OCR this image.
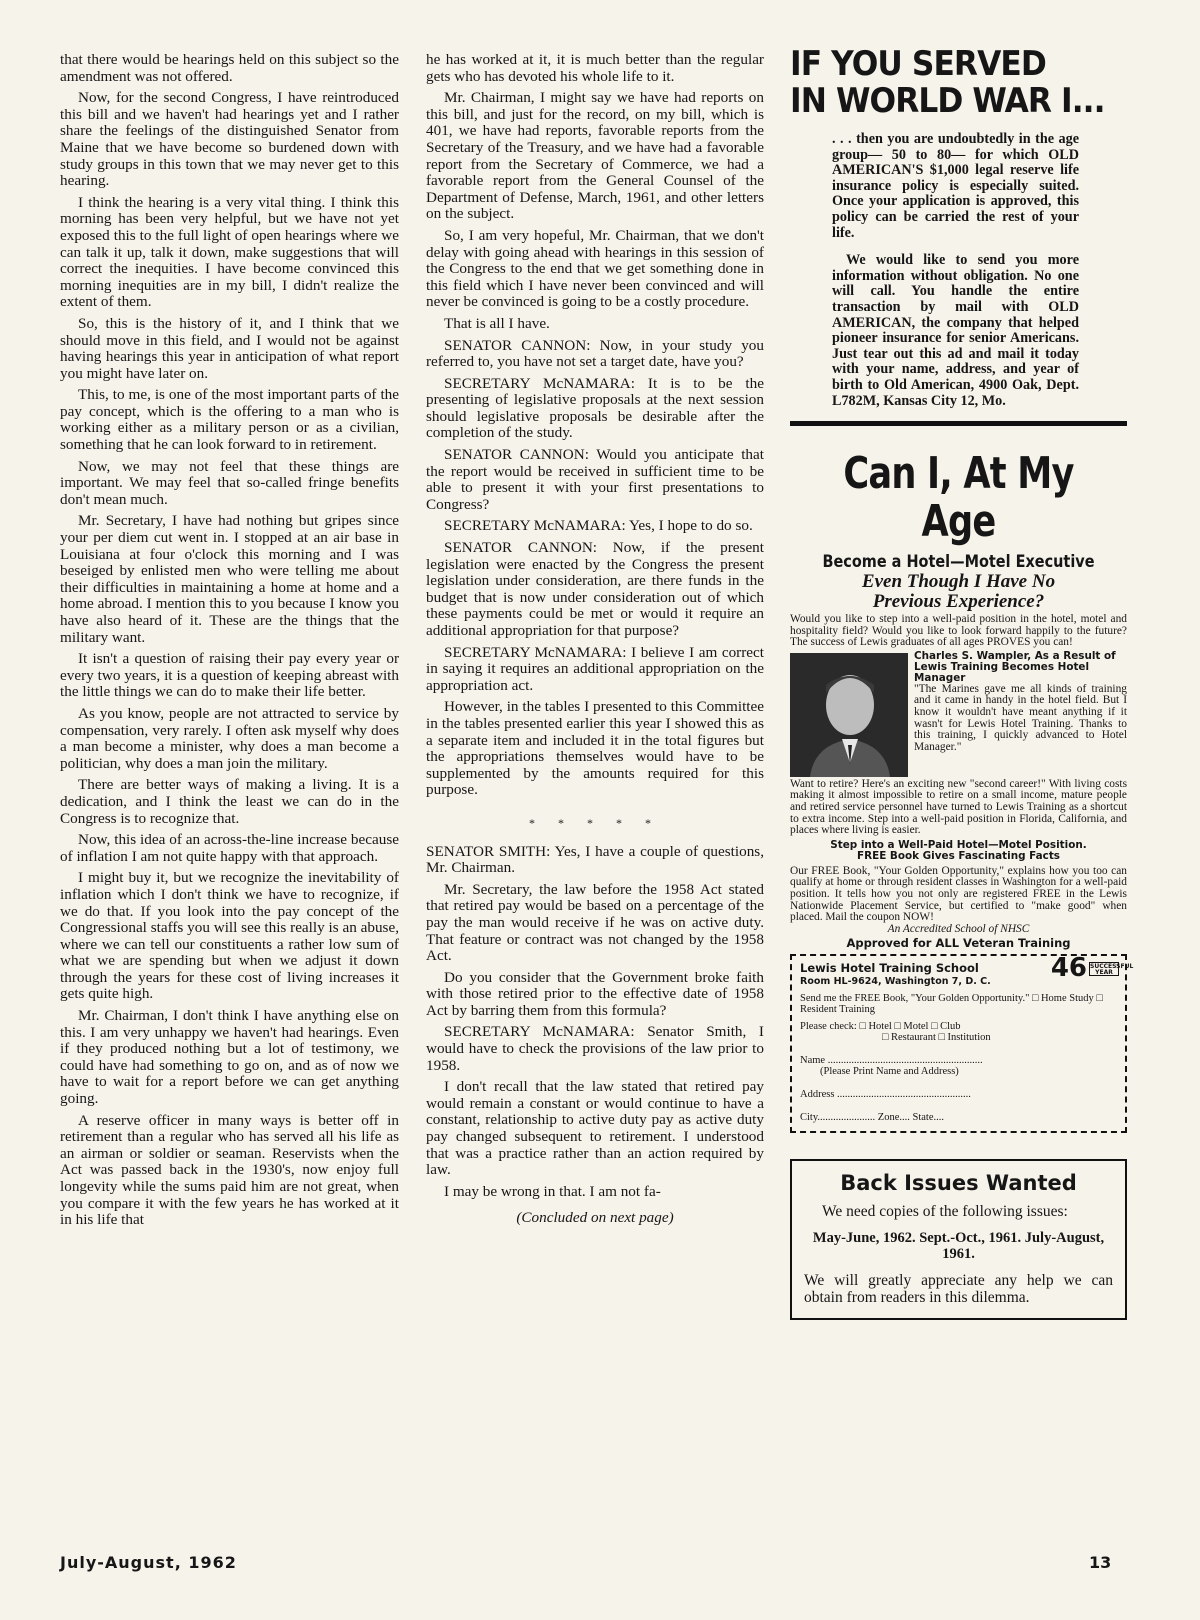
that there would be hearings held on this subject so the amendment was not offered.

Now, for the second Congress, I have reintroduced this bill and we haven't had hearings yet and I rather share the feelings of the distinguished Senator from Maine that we have become so burdened down with study groups in this town that we may never get to this hearing.

I think the hearing is a very vital thing. I think this morning has been very helpful, but we have not yet exposed this to the full light of open hearings where we can talk it up, talk it down, make suggestions that will correct the inequities. I have become convinced this morning inequities are in my bill, I didn't realize the extent of them.

So, this is the history of it, and I think that we should move in this field, and I would not be against having hearings this year in anticipation of what report you might have later on.

This, to me, is one of the most important parts of the pay concept, which is the offering to a man who is working either as a military person or as a civilian, something that he can look forward to in retirement.

Now, we may not feel that these things are important. We may feel that so-called fringe benefits don't mean much.

Mr. Secretary, I have had nothing but gripes since your per diem cut went in. I stopped at an air base in Louisiana at four o'clock this morning and I was beseiged by enlisted men who were telling me about their difficulties in maintaining a home at home and a home abroad. I mention this to you because I know you have also heard of it. These are the things that the military want.

It isn't a question of raising their pay every year or every two years, it is a question of keeping abreast with the little things we can do to make their life better.

As you know, people are not attracted to service by compensation, very rarely. I often ask myself why does a man become a minister, why does a man become a politician, why does a man join the military.

There are better ways of making a living. It is a dedication, and I think the least we can do in the Congress is to recognize that.

Now, this idea of an across-the-line increase because of inflation I am not quite happy with that approach.

I might buy it, but we recognize the inevitability of inflation which I don't think we have to recognize, if we do that. If you look into the pay concept of the Congressional staffs you will see this really is an abuse, where we can tell our constituents a rather low sum of what we are spending but when we adjust it down through the years for these cost of living increases it gets quite high.

Mr. Chairman, I don't think I have anything else on this. I am very unhappy we haven't had hearings. Even if they produced nothing but a lot of testimony, we could have had something to go on, and as of now we have to wait for a report before we can get anything going.

A reserve officer in many ways is better off in retirement than a regular who has served all his life as an airman or soldier or seaman. Reservists when the Act was passed back in the 1930's, now enjoy full longevity while the sums paid him are not great, when you compare it with the few years he has worked at it in his life that

he has worked at it, it is much better than the regular gets who has devoted his whole life to it.

Mr. Chairman, I might say we have had reports on this bill, and just for the record, on my bill, which is 401, we have had reports, favorable reports from the Secretary of the Treasury, and we have had a favorable report from the Secretary of Commerce, we had a favorable report from the General Counsel of the Department of Defense, March, 1961, and other letters on the subject.

So, I am very hopeful, Mr. Chairman, that we don't delay with going ahead with hearings in this session of the Congress to the end that we get something done in this field which I have never been convinced and will never be convinced is going to be a costly procedure.

That is all I have.

SENATOR CANNON: Now, in your study you referred to, you have not set a target date, have you?

SECRETARY McNAMARA: It is to be the presenting of legislative proposals at the next session should legislative proposals be desirable after the completion of the study.

SENATOR CANNON: Would you anticipate that the report would be received in sufficient time to be able to present it with your first presentations to Congress?

SECRETARY McNAMARA: Yes, I hope to do so.

SENATOR CANNON: Now, if the present legislation were enacted by the Congress the present legislation under consideration, are there funds in the budget that is now under consideration out of which these payments could be met or would it require an additional appropriation for that purpose?

SECRETARY McNAMARA: I believe I am correct in saying it requires an additional appropriation on the appropriation act.

However, in the tables I presented to this Committee in the tables presented earlier this year I showed this as a separate item and included it in the total figures but the appropriations themselves would have to be supplemented by the amounts required for this purpose.

* * * * *

SENATOR SMITH: Yes, I have a couple of questions, Mr. Chairman.

Mr. Secretary, the law before the 1958 Act stated that retired pay would be based on a percentage of the pay the man would receive if he was on active duty. That feature or contract was not changed by the 1958 Act.

Do you consider that the Government broke faith with those retired prior to the effective date of 1958 Act by barring them from this formula?

SECRETARY McNAMARA: Senator Smith, I would have to check the provisions of the law prior to 1958.

I don't recall that the law stated that retired pay would remain a constant or would continue to have a constant, relationship to active duty pay as active duty pay changed subsequent to retirement. I understood that was a practice rather than an action required by law.

I may be wrong in that. I am not fa-

(Concluded on next page)
IF YOU SERVED
IN WORLD WAR I...

. . . then you are undoubtedly in the age group— 50 to 80— for which OLD AMERICAN'S $1,000 legal reserve life insurance policy is especially suited. Once your application is approved, this policy can be carried the rest of your life.

We would like to send you more information without obligation. No one will call. You handle the entire transaction by mail with OLD AMERICAN, the company that helped pioneer insurance for senior Americans. Just tear out this ad and mail it today with your name, address, and year of birth to Old American, 4900 Oak, Dept. L782M, Kansas City 12, Mo.

Can I, At My Age
Become a Hotel—Motel Executive
Even Though I Have No
Previous Experience?
Would you like to step into a well-paid position in the hotel, motel and hospitality field? Would you like to look forward happily to the future? The success of Lewis graduates of all ages PROVES you can!
Charles S. Wampler, As a Result of Lewis Training Becomes Hotel Manager
"The Marines gave me all kinds of training and it came in handy in the hotel field. But I know it wouldn't have meant anything if it wasn't for Lewis Hotel Training. Thanks to this training, I quickly advanced to Hotel Manager."
Want to retire? Here's an exciting new "second career!" With living costs making it almost impossible to retire on a small income, mature people and retired service personnel have turned to Lewis Training as a shortcut to extra income. Step into a well-paid position in Florida, California, and places where living is easier.
Step into a Well-Paid Hotel—Motel Position.
FREE Book Gives Fascinating Facts
Our FREE Book, "Your Golden Opportunity," explains how you too can qualify at home or through resident classes in Washington for a well-paid position. It tells how you not only are registered FREE in the Lewis Nationwide Placement Service, but certified to "make good" when placed. Mail the coupon NOW!
An Accredited School of NHSC
Approved for ALL Veteran Training
Lewis Hotel Training School	46 SUCCESSFUL YEAR
Room HL-9624, Washington 7, D. C.
Send me the FREE Book, "Your Golden Opportunity." □ Home Study □ Resident Training
Please check: □ Hotel □ Motel □ Club
□ Restaurant □ Institution
Name ...........................................................
(Please Print Name and Address)
Address ...................................................
City...................... Zone.... State....
Back Issues Wanted

We need copies of the following issues:

May-June, 1962. Sept.-Oct., 1961. July-August, 1961.

We will greatly appreciate any help we can obtain from readers in this dilemma.

July-August, 1962	13
